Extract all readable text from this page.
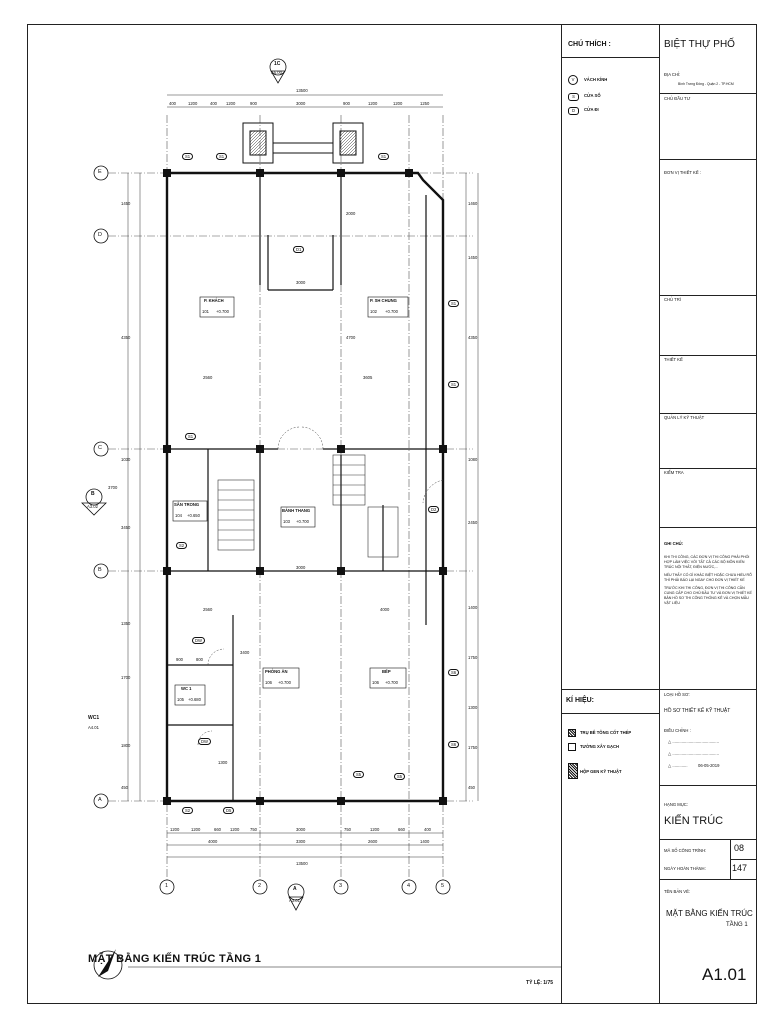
E
D
C
B
A
1	2	3	4	5
1C
A5.00
A
A3.01
B
A3.02
WC1
A4.01
13500
13500
400	1200	400 1200	900	3000	900	1200	1200	1250
1200	1200	660 1200	750	3000	750	1200	660	400
4000	3300	2600	1400
1450
4350
1030
3700
3450
1350
1700
1800
450
1460
1450
4350
1080
2450
1400
1750
1300
1750
450
3000
2560	3605
4700
3000
2000
4000
3400
2560
900	800
1300
P. KHÁCH
101 +0.700
P. SH CHUNG
102 +0.700
SÂN TRONG
104 +0.650
BÁNH THANG
103 +0.700
PHÒNG ĂN
106 +0.700
BẾP
106 +0.700
WC 1
105 +0.680
S1	S1	S1
S1
S1
S1
D1
D2
S2
S2
S5	S5
S6
S6
DW
DW
D5
MẶT BẰNG KIẾN TRÚC TẦNG 1
TỶ LỆ: 1/75
CHÚ THÍCH :
V	VÁCH KÍNH
S	CỬA SỔ
D	CỬA ĐI
KÍ HIỆU:
TRỤ BÊ TÔNG CỐT THÉP
TƯỜNG XÂY GẠCH
HỘP GEN KỸ THUẬT
BIỆT THỰ PHỐ
ĐỊA CHỈ:
Bình Trưng Đông - Quận 2 - TP.HCM
CHỦ ĐẦU TƯ
ĐƠN VỊ THIẾT KẾ :
CHỦ TRÌ
THIẾT KẾ
QUẢN LÝ KỸ THUẬT
KIỂM TRA
GHI CHÚ:
KHI THI CÔNG, CÁC ĐƠN VỊ THI CÔNG PHẢI PHỐI HỢP LÀM VIỆC VỚI TẤT CẢ CÁC BỘ MÔN KIẾN TRÚC NỘI THẤT, ĐIỆN NƯỚC,...
NẾU THẤY CÓ GÌ KHÁC BIỆT HOẶC CHƯA HIỂU RÕ THÌ PHẢI BÁO LẠI NGAY CHO ĐƠN VỊ THIẾT KẾ
TRƯỚC KHI THI CÔNG, ĐƠN VỊ THI CÔNG CẦN CUNG CẤP CHO CHỦ ĐẦU TƯ VÀ ĐƠN VỊ THIẾT KẾ BẢN HỒ SƠ THI CÔNG THỐNG KÊ VÀ CHỌN MẪU VẬT LIỆU
LOẠI HỒ SƠ:
HỒ SƠ THIẾT KẾ KỸ THUẬT
ĐIỀU CHỈNH :
△ ........................................
△ ........................................
△ ............. 06-05-2019
HẠNG MỤC:
KIẾN TRÚC
MÃ SỐ CÔNG TRÌNH:	08
NGÀY HOÀN THÀNH:	147
TÊN BẢN VẼ:
MẶT BẰNG KIẾN TRÚC
TẦNG 1
A1.01
